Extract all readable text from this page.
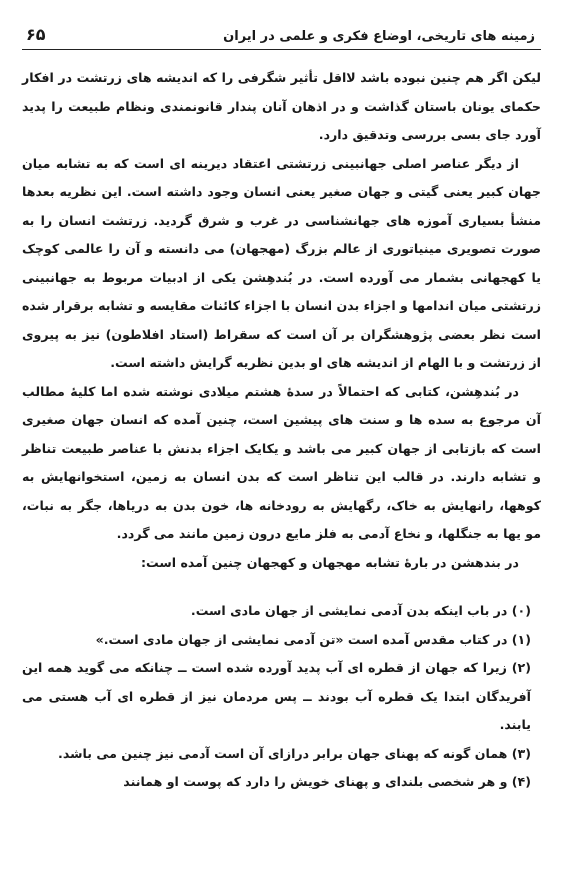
زمینه های تاریخی، اوضاع فکری و علمی در ایران
۶۵

لیکن اگر هم چنین نبوده باشد لااقل تأثیر شگرفی را که اندیشه های زرتشت در افکار حکمای یونان باستان گذاشت و در اذهان آنان پندار قانونمندی ونظام طبیعت را پدید آورد جای بسی بررسی وتدقیق دارد.

از دیگر عناصر اصلی جهانبینی زرتشتی اعتقاد دیرینه ای است که به تشابه میان جهان کبیر یعنی گیتی و جهان صغیر یعنی انسان وجود داشته است. این نظریه بعدها منشأ بسیاری آموزه های جهانشناسی در غرب و شرق گردید. زرتشت انسان را به صورت تصویری مینیاتوری از عالم بزرگ (مهجهان) می دانسته و آن را عالمی کوچک یا کهجهانی بشمار می آورده است. در بُندهِشن یکی از ادبیات مربوط به جهانبینی زرتشتی میان اندامها و اجزاء بدن انسان با اجزاء کائنات مقایسه و تشابه برقرار شده است نظر بعضی پژوهشگران بر آن است که سقراط (استاد افلاطون) نیز به پیروی از زرتشت و با الهام از اندیشه های او بدین نظریه گرایش داشته است.

در بُندهِشن، کتابی که احتمالاً در سدهٔ هشتم میلادی نوشته شده اما کلیهٔ مطالب آن مرجوع به سده ها و سنت های پیشین است، چنین آمده که انسان جهان صغیری است که بازتابی از جهان کبیر می باشد و یکایک اجزاء بدنش با عناصر طبیعت تناظر و تشابه دارند. در قالب این تناظر است که بدن انسان به زمین، استخوانهایش به کوهها، رانهایش به خاک، رگهایش به رودخانه ها، خون بدن به دریاها، جگر به نبات، مو یها به جنگلها، و نخاع آدمی به فلز مایع درون زمین مانند می گردد.

در بندهشن در بارهٔ تشابه مهجهان و کهجهان چنین آمده است:

(۰) در باب اینکه بدن آدمی نمایشی از جهان مادی است.

(۱) در کتاب مقدس آمده است «تن آدمی نمایشی از جهان مادی است.»

(۲) زیرا که جهان از قطره ای آب پدید آورده شده است ــ چنانکه می گوید همه این آفریدگان ابتدا یک قطره آب بودند ــ پس مردمان نیز از قطره ای آب هستی می یابند.

(۳) همان گونه که پهنای جهان برابر درازای آن است آدمی نیز چنین می باشد.

(۴) و هر شخصی بلندای و پهنای خویش را دارد که پوست او همانند
